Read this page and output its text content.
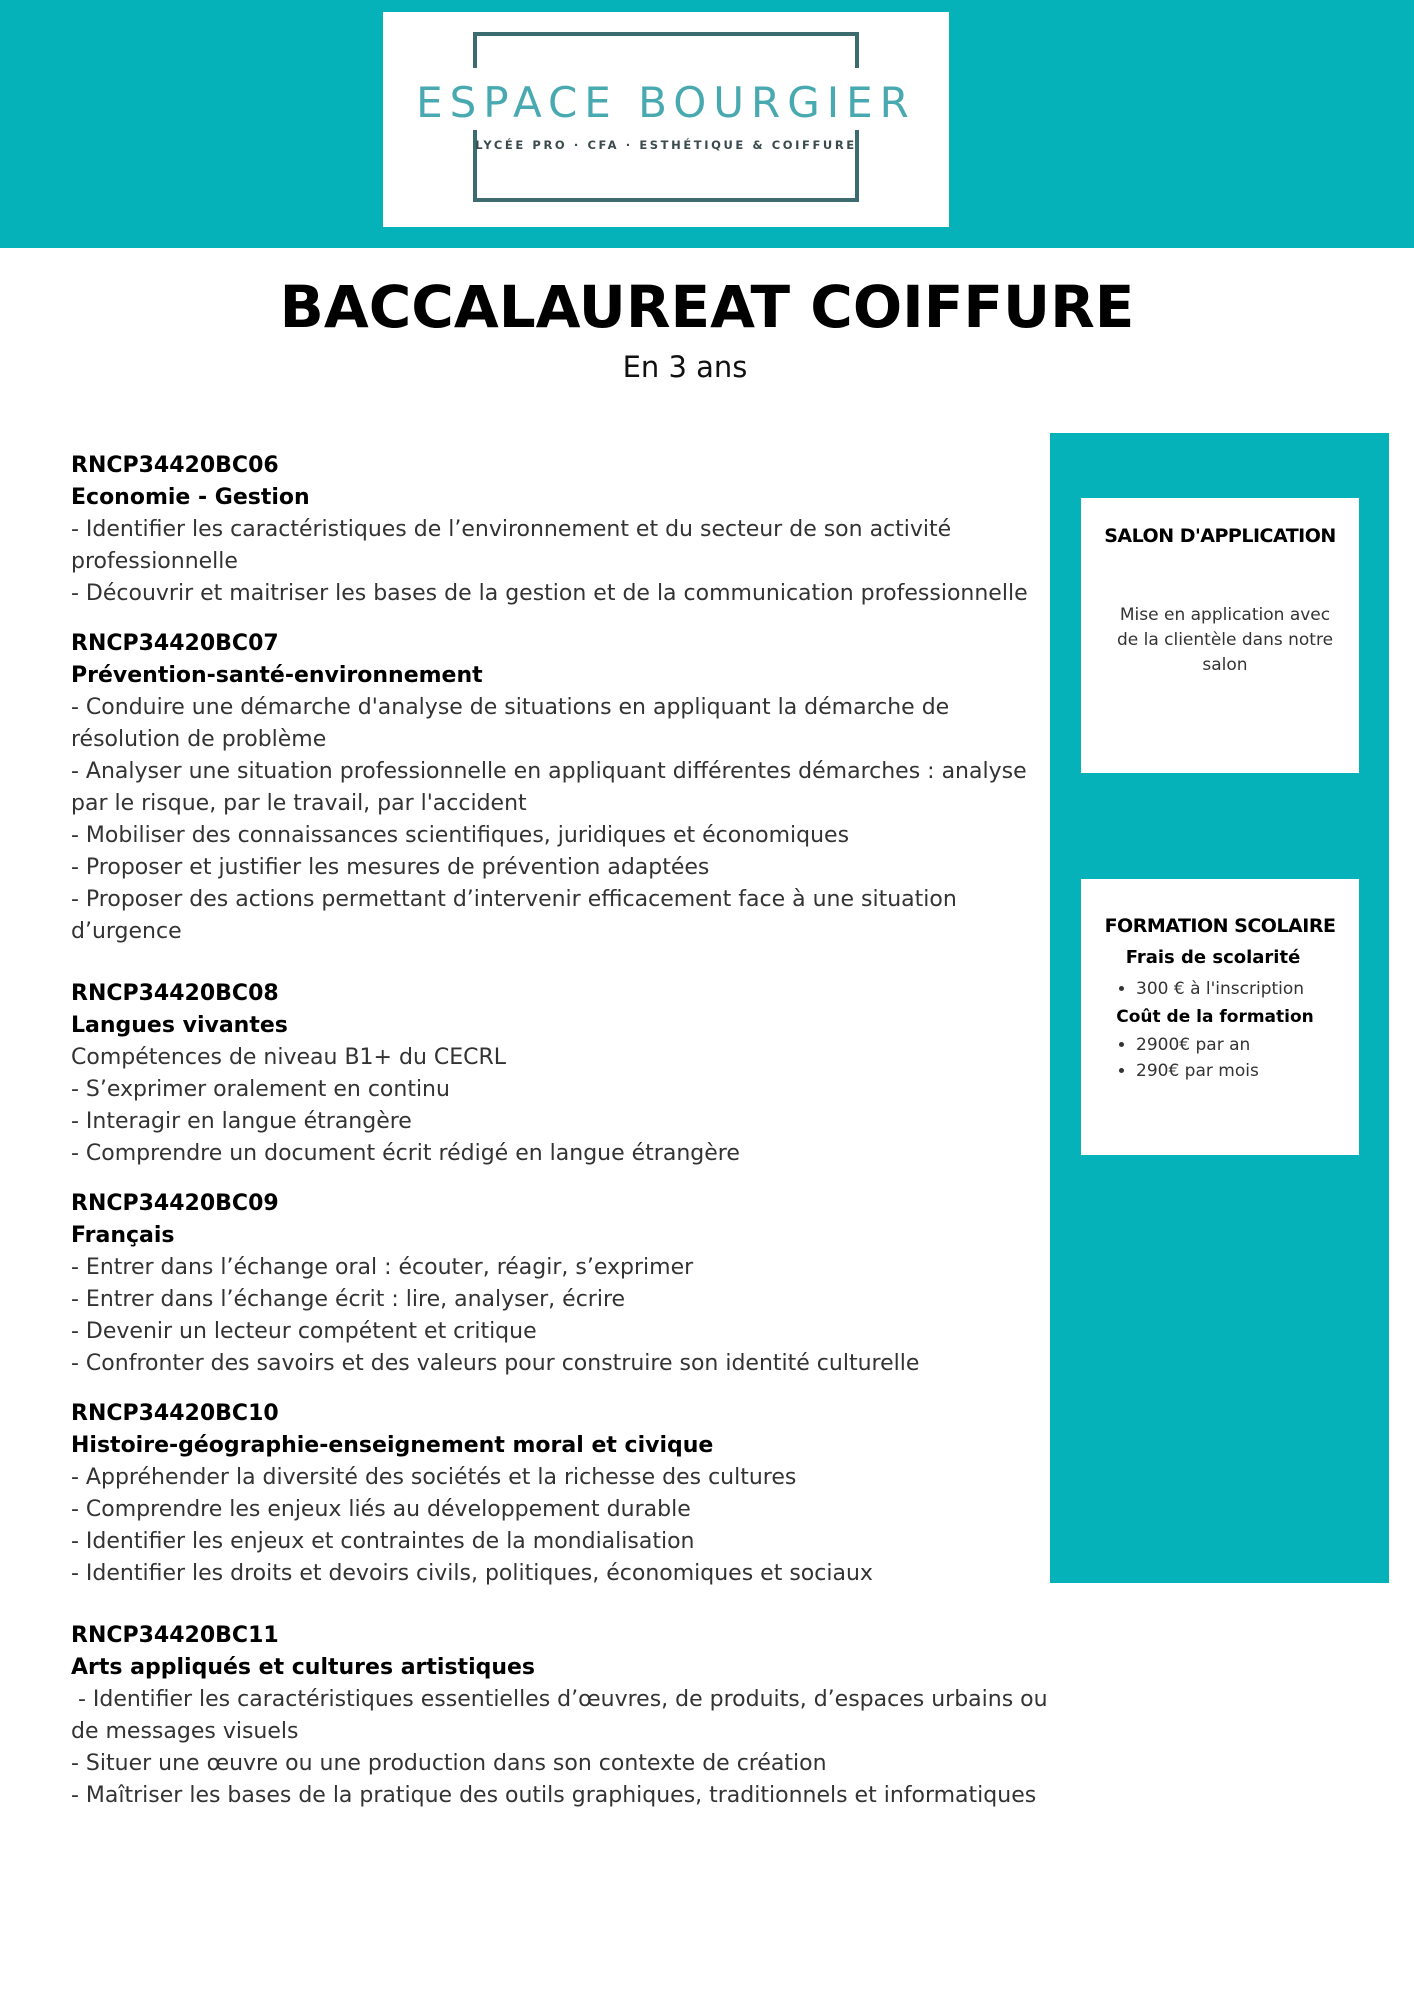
ESPACE BOURGIER
LYCÉE PRO · CFA · ESTHÉTIQUE & COIFFURE
BACCALAUREAT COIFFURE
En 3 ans
RNCP34420BC06
Economie - Gestion
- Identifier les caractéristiques de l’environnement et du secteur de son activité professionnelle
- Découvrir et maitriser les bases de la gestion et de la communication professionnelle
RNCP34420BC07
Prévention-santé-environnement
- Conduire une démarche d'analyse de situations en appliquant la démarche de résolution de problème
- Analyser une situation professionnelle en appliquant différentes démarches : analyse par le risque, par le travail, par l'accident
- Mobiliser des connaissances scientifiques, juridiques et économiques
- Proposer et justifier les mesures de prévention adaptées
- Proposer des actions permettant d’intervenir efficacement face à une situation d’urgence
RNCP34420BC08
Langues vivantes
Compétences de niveau B1+ du CECRL
- S’exprimer oralement en continu
- Interagir en langue étrangère
- Comprendre un document écrit rédigé en langue étrangère
RNCP34420BC09
Français
- Entrer dans l’échange oral : écouter, réagir, s’exprimer
- Entrer dans l’échange écrit : lire, analyser, écrire
- Devenir un lecteur compétent et critique
- Confronter des savoirs et des valeurs pour construire son identité culturelle
RNCP34420BC10
Histoire-géographie-enseignement moral et civique
- Appréhender la diversité des sociétés et la richesse des cultures
- Comprendre les enjeux liés au développement durable
- Identifier les enjeux et contraintes de la mondialisation
- Identifier les droits et devoirs civils, politiques, économiques et sociaux
RNCP34420BC11
Arts appliqués et cultures artistiques
- Identifier les caractéristiques essentielles d’œuvres, de produits, d’espaces urbains ou de messages visuels
- Situer une œuvre ou une production dans son contexte de création
- Maîtriser les bases de la pratique des outils graphiques, traditionnels et informatiques
SALON D'APPLICATION
Mise en application avec de la clientèle dans notre salon
FORMATION SCOLAIRE
Frais de scolarité
• 300 € à l'inscription
Coût de la formation
• 2900€ par an
• 290€ par mois
